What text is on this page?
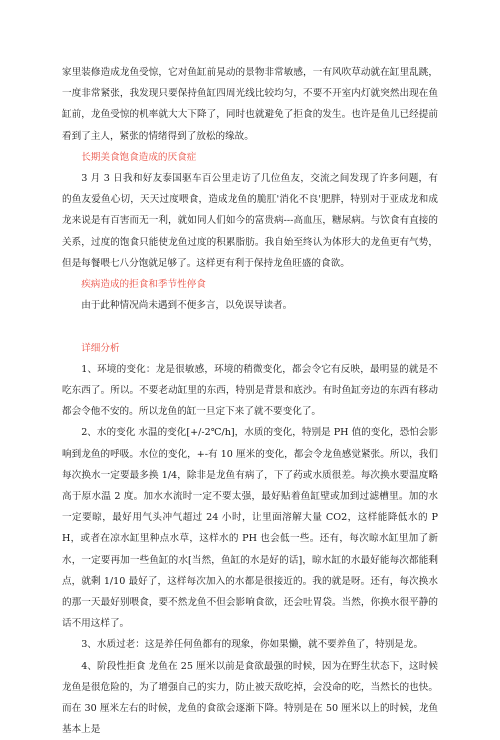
家里装修造成龙鱼受惊，它对鱼缸前晃动的景物非常敏感，一有风吹草动就在缸里乱跳，一度非常紧张，我发现只要保持鱼缸四周光线比较均匀，不要不开室内灯就突然出现在鱼缸前，龙鱼受惊的机率就大大下降了，同时也就避免了拒食的发生。也许是鱼儿已经提前看到了主人，紧张的情绪得到了放松的缘故。

长期美食饱食造成的厌食症

3 月 3 日我和好友泰国驱车百公里走访了几位鱼友，交流之间发现了许多问题，有的鱼友爱鱼心切，天天过度喂食，造成龙鱼的脆肛'消化不良'肥胖，特别对于亚成龙和成龙来说是有百害而无一利，就如同人们如今的富贵病---高血压，糖尿病。与饮食有直接的关系，过度的饱食只能使龙鱼过度的积累脂肪。我自始至终认为体形大的龙鱼更有气势，但是每餐喂七八分饱就足够了。这样更有利于保持龙鱼旺盛的食欲。

疾病造成的拒食和季节性停食

由于此种情况尚未遇到不便多言，以免误导读者。

详细分析

1、环境的变化：龙是很敏感，环境的稍微变化，都会令它有反映，最明显的就是不吃东西了。所以。不要老动缸里的东西，特别是背景和底沙。有时鱼缸旁边的东西有移动都会令他不安的。所以龙鱼的缸一旦定下来了就不要变化了。

2、水的变化 水温的变化[+/-2℃/h]，水质的变化，特别是 PH 值的变化，恐怕会影响到龙鱼的呼吸。水位的变化，+-有 10 厘米的变化，都会令龙鱼感觉紧张。所以，我们每次换水一定要最多换 1/4，除非是龙鱼有病了，下了药或水质很差。每次换水要温度略高于原水温 2 度。加水水流时一定不要太强，最好贴着鱼缸壁或加到过滤槽里。加的水一定要晾，最好用气头冲气超过 24 小时，让里面溶解大量 CO2，这样能降低水的 PH，或者在凉水缸里种点水草，这样水的 PH 也会低一些。还有，每次晾水缸里加了新水，一定要再加一些鱼缸的水[当然，鱼缸的水是好的话]，晾水缸的水最好能每次都能剩点，就剩 1/10 最好了，这样每次加入的水都是很接近的。我的就是呀。还有，每次换水的那一天最好别喂食，要不然龙鱼不但会影响食欲，还会吐胃袋。当然，你换水很平静的话不用这样了。

3、水质过老：这是养任何鱼都有的现象，你如果懒，就不要养鱼了，特别是龙。

4、阶段性拒食 龙鱼在 25 厘米以前是食欲最强的时候，因为在野生状态下，这时候龙鱼是很危险的，为了增强自己的实力，防止被天敌吃掉，会没命的吃，当然长的也快。而在 30 厘米左右的时候，龙鱼的食欲会逐渐下降。特别是在 50 厘米以上的时候，龙鱼基本上是
